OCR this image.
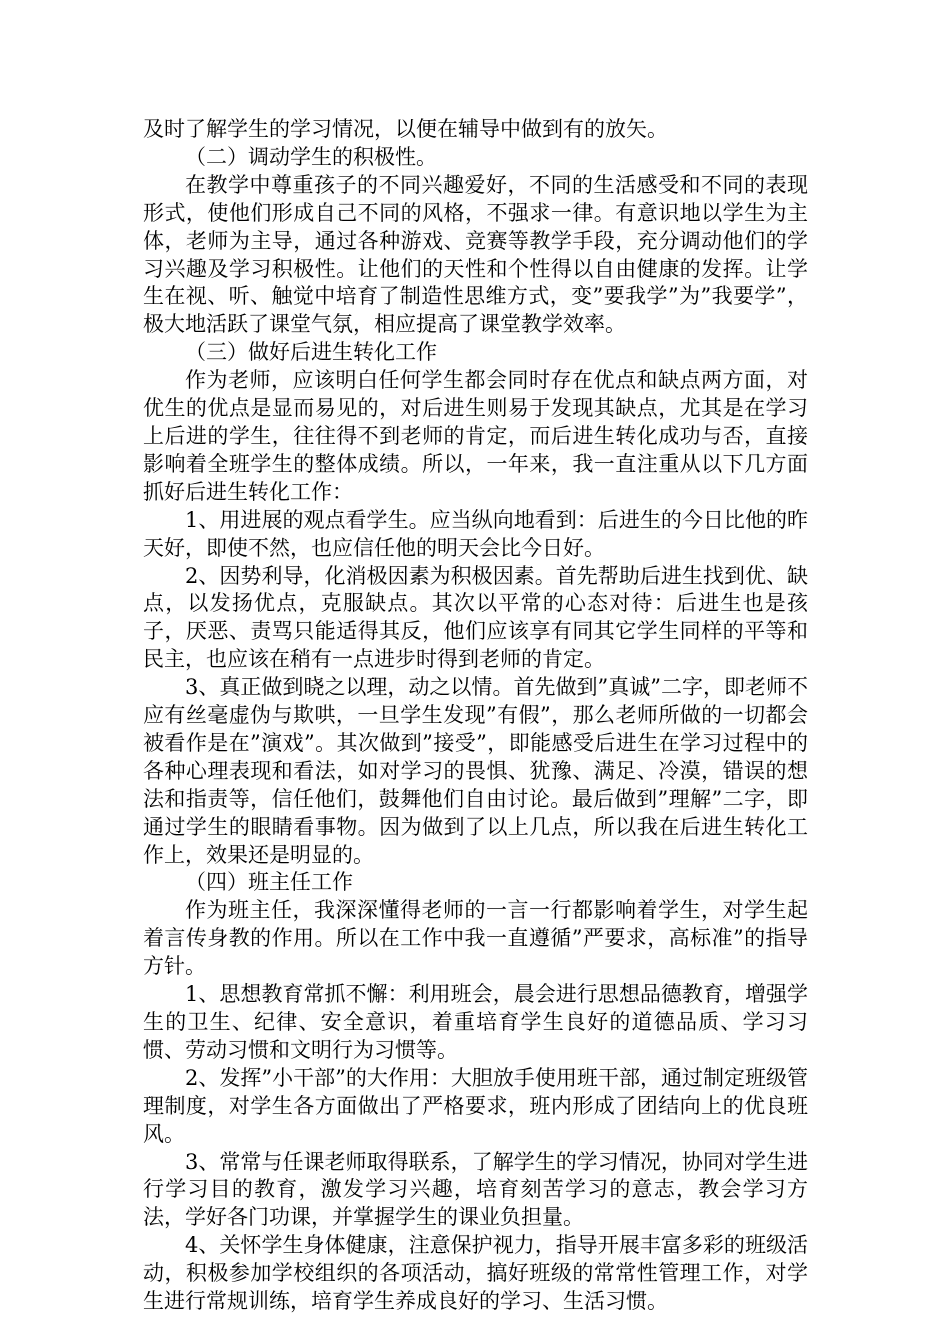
及时了解学生的学习情况，以便在辅导中做到有的放矢。

（二）调动学生的积极性。

在教学中尊重孩子的不同兴趣爱好，不同的生活感受和不同的表现形式，使他们形成自己不同的风格，不强求一律。有意识地以学生为主体，老师为主导，通过各种游戏、竞赛等教学手段，充分调动他们的学习兴趣及学习积极性。让他们的天性和个性得以自由健康的发挥。让学生在视、听、触觉中培育了制造性思维方式，变”要我学”为”我要学”，极大地活跃了课堂气氛，相应提高了课堂教学效率。

（三）做好后进生转化工作

作为老师，应该明白任何学生都会同时存在优点和缺点两方面，对优生的优点是显而易见的，对后进生则易于发现其缺点，尤其是在学习上后进的学生，往往得不到老师的肯定，而后进生转化成功与否，直接影响着全班学生的整体成绩。所以，一年来，我一直注重从以下几方面抓好后进生转化工作：

1、用进展的观点看学生。应当纵向地看到：后进生的今日比他的昨天好，即使不然，也应信任他的明天会比今日好。

2、因势利导，化消极因素为积极因素。首先帮助后进生找到优、缺点，以发扬优点，克服缺点。其次以平常的心态对待：后进生也是孩子，厌恶、责骂只能适得其反，他们应该享有同其它学生同样的平等和民主，也应该在稍有一点进步时得到老师的肯定。

3、真正做到晓之以理，动之以情。首先做到”真诚”二字，即老师不应有丝毫虚伪与欺哄，一旦学生发现”有假”，那么老师所做的一切都会被看作是在”演戏”。其次做到”接受”，即能感受后进生在学习过程中的各种心理表现和看法，如对学习的畏惧、犹豫、满足、冷漠，错误的想法和指责等，信任他们，鼓舞他们自由讨论。最后做到”理解”二字，即通过学生的眼睛看事物。因为做到了以上几点，所以我在后进生转化工作上，效果还是明显的。

（四）班主任工作

作为班主任，我深深懂得老师的一言一行都影响着学生，对学生起着言传身教的作用。所以在工作中我一直遵循”严要求，高标准”的指导方针。

1、思想教育常抓不懈：利用班会，晨会进行思想品德教育，增强学生的卫生、纪律、安全意识，着重培育学生良好的道德品质、学习习惯、劳动习惯和文明行为习惯等。

2、发挥”小干部”的大作用：大胆放手使用班干部，通过制定班级管理制度，对学生各方面做出了严格要求，班内形成了团结向上的优良班风。

3、常常与任课老师取得联系，了解学生的学习情况，协同对学生进行学习目的教育，激发学习兴趣，培育刻苦学习的意志，教会学习方法，学好各门功课，并掌握学生的课业负担量。

4、关怀学生身体健康，注意保护视力，指导开展丰富多彩的班级活动，积极参加学校组织的各项活动，搞好班级的常常性管理工作，对学生进行常规训练，培育学生养成良好的学习、生活习惯。
